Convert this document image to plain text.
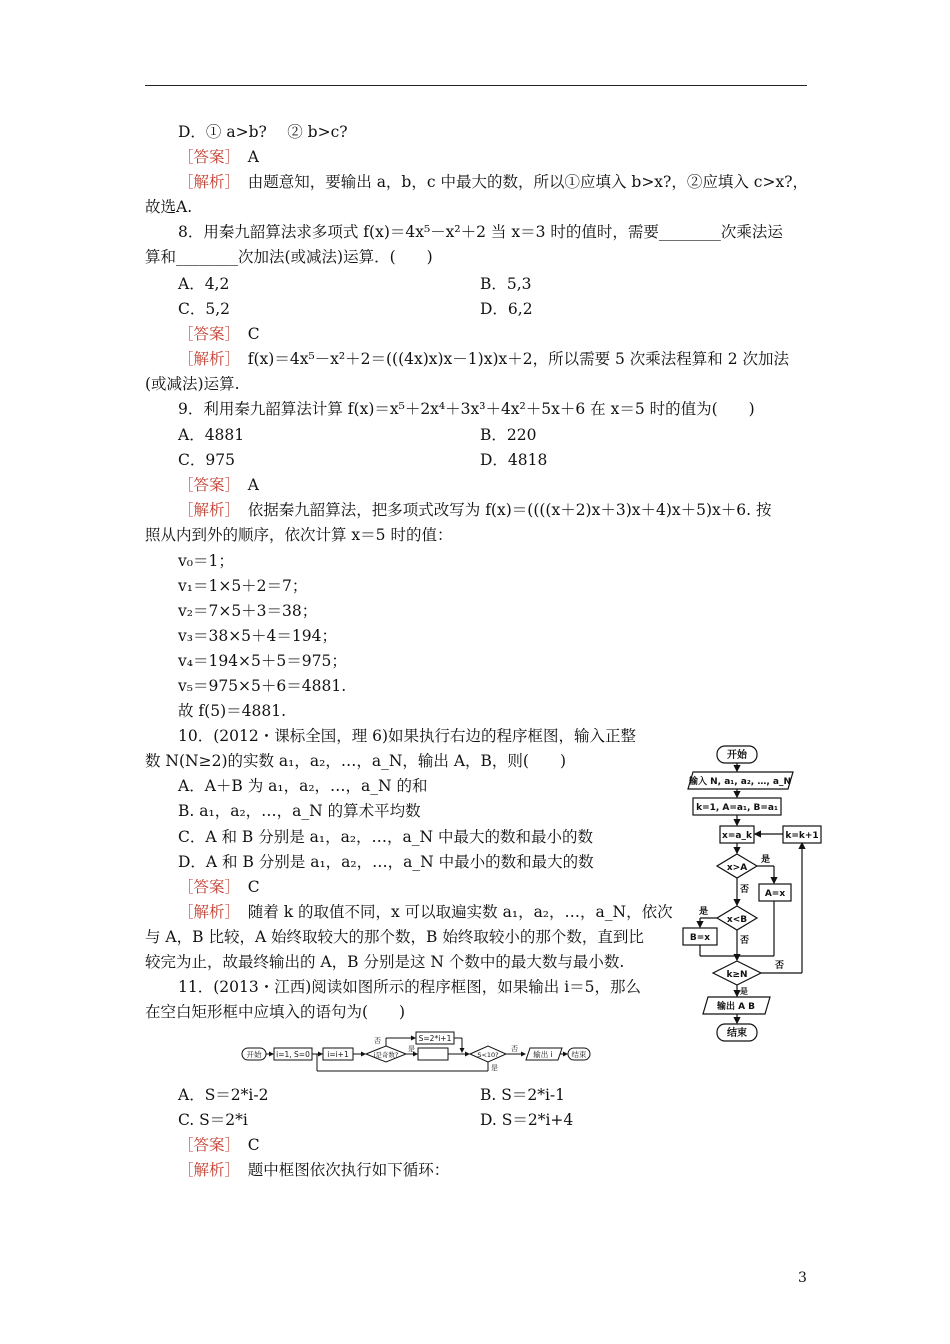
D．① a>b?　 ② b>c?
［答案］　A
［解析］　由题意知，要输出 a，b，c 中最大的数，所以①应填入 b>x?，②应填入 c>x?，
故选A.
8．用秦九韶算法求多项式 f(x)＝4x⁵－x²＋2 当 x＝3 时的值时，需要________次乘法运
算和________次加法(或减法)运算．(　　)
A．4,2	B．5,3
C．5,2	D．6,2
［答案］　C
［解析］　f(x)＝4x⁵－x²＋2＝(((4x)x)x－1)x)x＋2，所以需要 5 次乘法程算和 2 次加法
(或减法)运算.
9．利用秦九韶算法计算 f(x)＝x⁵＋2x⁴＋3x³＋4x²＋5x＋6 在 x＝5 时的值为(　　)
A．4881	B．220
C．975	D．4818
［答案］　A
［解析］　依据秦九韶算法，把多项式改写为 f(x)＝((((x＋2)x＋3)x＋4)x＋5)x＋6. 按
照从内到外的顺序，依次计算 x＝5 时的值：
v₀＝1；
v₁＝1×5＋2＝7；
v₂＝7×5＋3＝38；
v₃＝38×5＋4＝194；
v₄＝194×5＋5＝975；
v₅＝975×5＋6＝4881.
故 f(5)＝4881.
10．(2012・课标全国，理 6)如果执行右边的程序框图，输入正整
数 N(N≥2)的实数 a₁，a₂，…，a_N，输出 A，B，则(　　)
A．A＋B 为 a₁，a₂，…，a_N 的和
B. a₁，a₂，…，a_N 的算术平均数
C．A 和 B 分别是 a₁，a₂，…，a_N 中最大的数和最小的数
D．A 和 B 分别是 a₁，a₂，…，a_N 中最小的数和最大的数
［答案］　C
［解析］　随着 k 的取值不同，x 可以取遍实数 a₁，a₂，…，a_N，依次
与 A，B 比较，A 始终取较大的那个数，B 始终取较小的那个数，直到比
较完为止，故最终输出的 A，B 分别是这 N 个数中的最大数与最小数.
11．(2013・江西)阅读如图所示的程序框图，如果输出 i＝5，那么
在空白矩形框中应填入的语句为(　　)
A．S＝2*i-2	B. S＝2*i-1
C. S＝2*i	D. S＝2*i+4
［答案］　C
［解析］　题中框图依次执行如下循环：
开始
输入 N, a₁, a₂, …, a_N
k=1, A=a₁, B=a₁
x=a_k
x>A
是
否 A=x
x<B
是
否
B=x
k=k+1
k≥N
否
是
输出 A B
结束
开始 i=1, S=0 i=i+1	i是奇数?
否
是
S=2*i+1
S<10?
否
是
输出 i	结束
3
